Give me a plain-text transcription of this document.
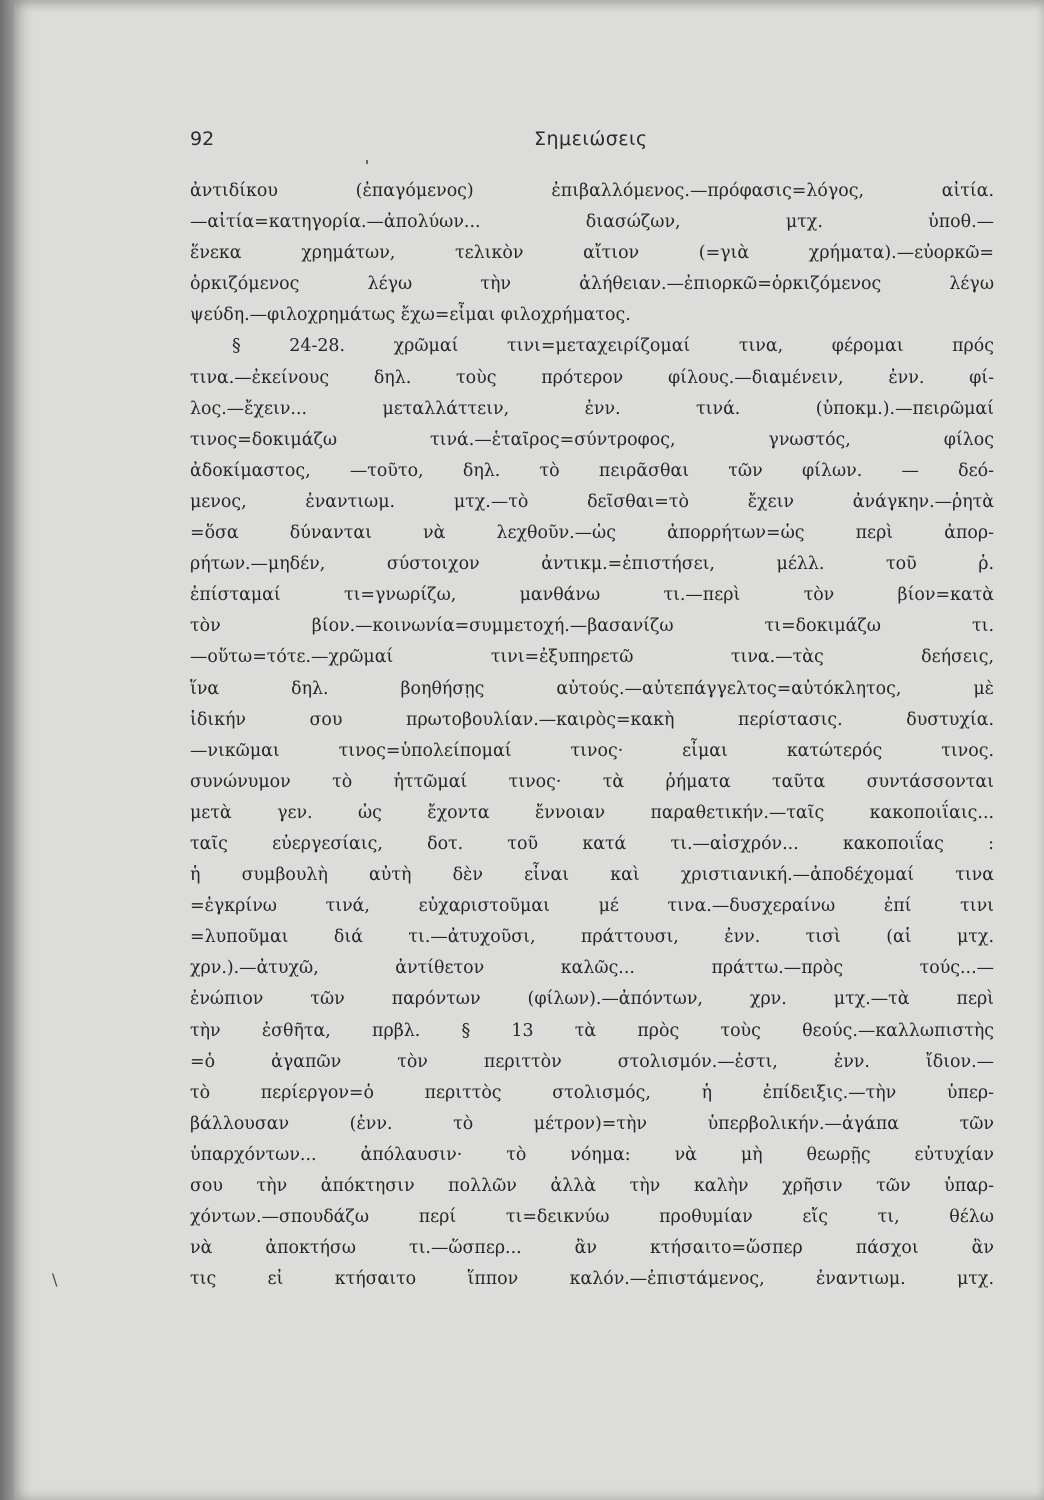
92	Σημειώσεις
\
ἀντιδίκου (ἐπαγόμενος) ἐπιβαλλόμενος.—πρόφασις=λόγος, αἰτία.
—αἰτία=κατηγορία.—ἀπολύων... διασώζων, μτχ. ὑποθ.—
ἕνεκα χρημάτων, τελικὸν αἴτιον (=γιὰ χρήματα).—εὐορκῶ=
ὁρκιζόμενος λέγω τὴν ἀλήθειαν.—ἐπιορκῶ=ὁρκιζόμενος λέγω
ψεύδη.—φιλοχρημάτως ἔχω=εἶμαι φιλοχρήματος.
§ 24-28. χρῶμαί τινι=μεταχειρίζομαί τινα, φέρομαι πρός
τινα.—ἐκείνους δηλ. τοὺς πρότερον φίλους.—διαμένειν, ἐνν. φί-
λος.—ἔχειν... μεταλλάττειν, ἐνν. τινά. (ὑποκμ.).—πειρῶμαί
τινος=δοκιμάζω τινά.—ἑταῖρος=σύντροφος, γνωστός, φίλος
ἀδοκίμαστος, —τοῦτο, δηλ. τὸ πειρᾶσθαι τῶν φίλων. — δεό-
μενος, ἐναντιωμ. μτχ.—τὸ δεῖσθαι=τὸ ἔχειν ἀνάγκην.—ῥητὰ
=ὅσα δύνανται νὰ λεχθοῦν.—ὡς ἀπορρήτων=ὡς περὶ ἀπορ-
ρήτων.—μηδέν, σύστοιχον ἀντικμ.=ἐπιστήσει, μέλλ. τοῦ ῥ.
ἐπίσταμαί τι=γνωρίζω, μανθάνω τι.—περὶ τὸν βίον=κατὰ
τὸν βίον.—κοινωνία=συμμετοχή.—βασανίζω τι=δοκιμάζω τι.
—οὕτω=τότε.—χρῶμαί τινι=ἐξυπηρετῶ τινα.—τὰς δεήσεις,
ἵνα δηλ. βοηθήσῃς αὐτούς.—αὐτεπάγγελτος=αὐτόκλητος, μὲ
ἰδικήν σου πρωτοβουλίαν.—καιρὸς=κακὴ περίστασις. δυστυχία.
—νικῶμαι τινος=ὑπολείπομαί τινος· εἶμαι κατώτερός τινος.
συνώνυμον τὸ ἡττῶμαί τινος· τὰ ῥήματα ταῦτα συντάσσονται
μετὰ γεν. ὡς ἔχοντα ἔννοιαν παραθετικήν.—ταῖς κακοποιΐαις...
ταῖς εὐεργεσίαις, δοτ. τοῦ κατά τι.—αἰσχρόν... κακοποιΐας :
ἡ συμβουλὴ αὐτὴ δὲν εἶναι καὶ χριστιανική.—ἀποδέχομαί τινα
=ἐγκρίνω τινά, εὐχαριστοῦμαι μέ τινα.—δυσχεραίνω ἐπί τινι
=λυποῦμαι διά τι.—ἀτυχοῦσι, πράττουσι, ἐνν. τισὶ (αἱ μτχ.
χρν.).—ἀτυχῶ, ἀντίθετον καλῶς... πράττω.—πρὸς τούς...—
ἐνώπιον τῶν παρόντων (φίλων).—ἀπόντων, χρν. μτχ.—τὰ περὶ
τὴν ἐσθῆτα, πρβλ. § 13 τὰ πρὸς τοὺς θεούς.—καλλωπιστὴς
=ὁ ἀγαπῶν τὸν περιττὸν στολισμόν.—ἐστι, ἐνν. ἴδιον.—
τὸ περίεργον=ὁ περιττὸς στολισμός, ἡ ἐπίδειξις.—τὴν ὑπερ-
βάλλουσαν (ἐνν. τὸ μέτρον)=τὴν ὑπερβολικήν.—ἀγάπα τῶν
ὑπαρχόντων... ἀπόλαυσιν· τὸ νόημα: νὰ μὴ θεωρῇς εὐτυχίαν
σου τὴν ἀπόκτησιν πολλῶν ἀλλὰ τὴν καλὴν χρῆσιν τῶν ὑπαρ-
χόντων.—σπουδάζω περί τι=δεικνύω προθυμίαν εἴς τι, θέλω
νὰ ἀποκτήσω τι.—ὥσπερ... ἂν κτήσαιτο=ὥσπερ πάσχοι ἂν
τις εἰ κτήσαιτο ἵππον καλόν.—ἐπιστάμενος, ἐναντιωμ. μτχ.
